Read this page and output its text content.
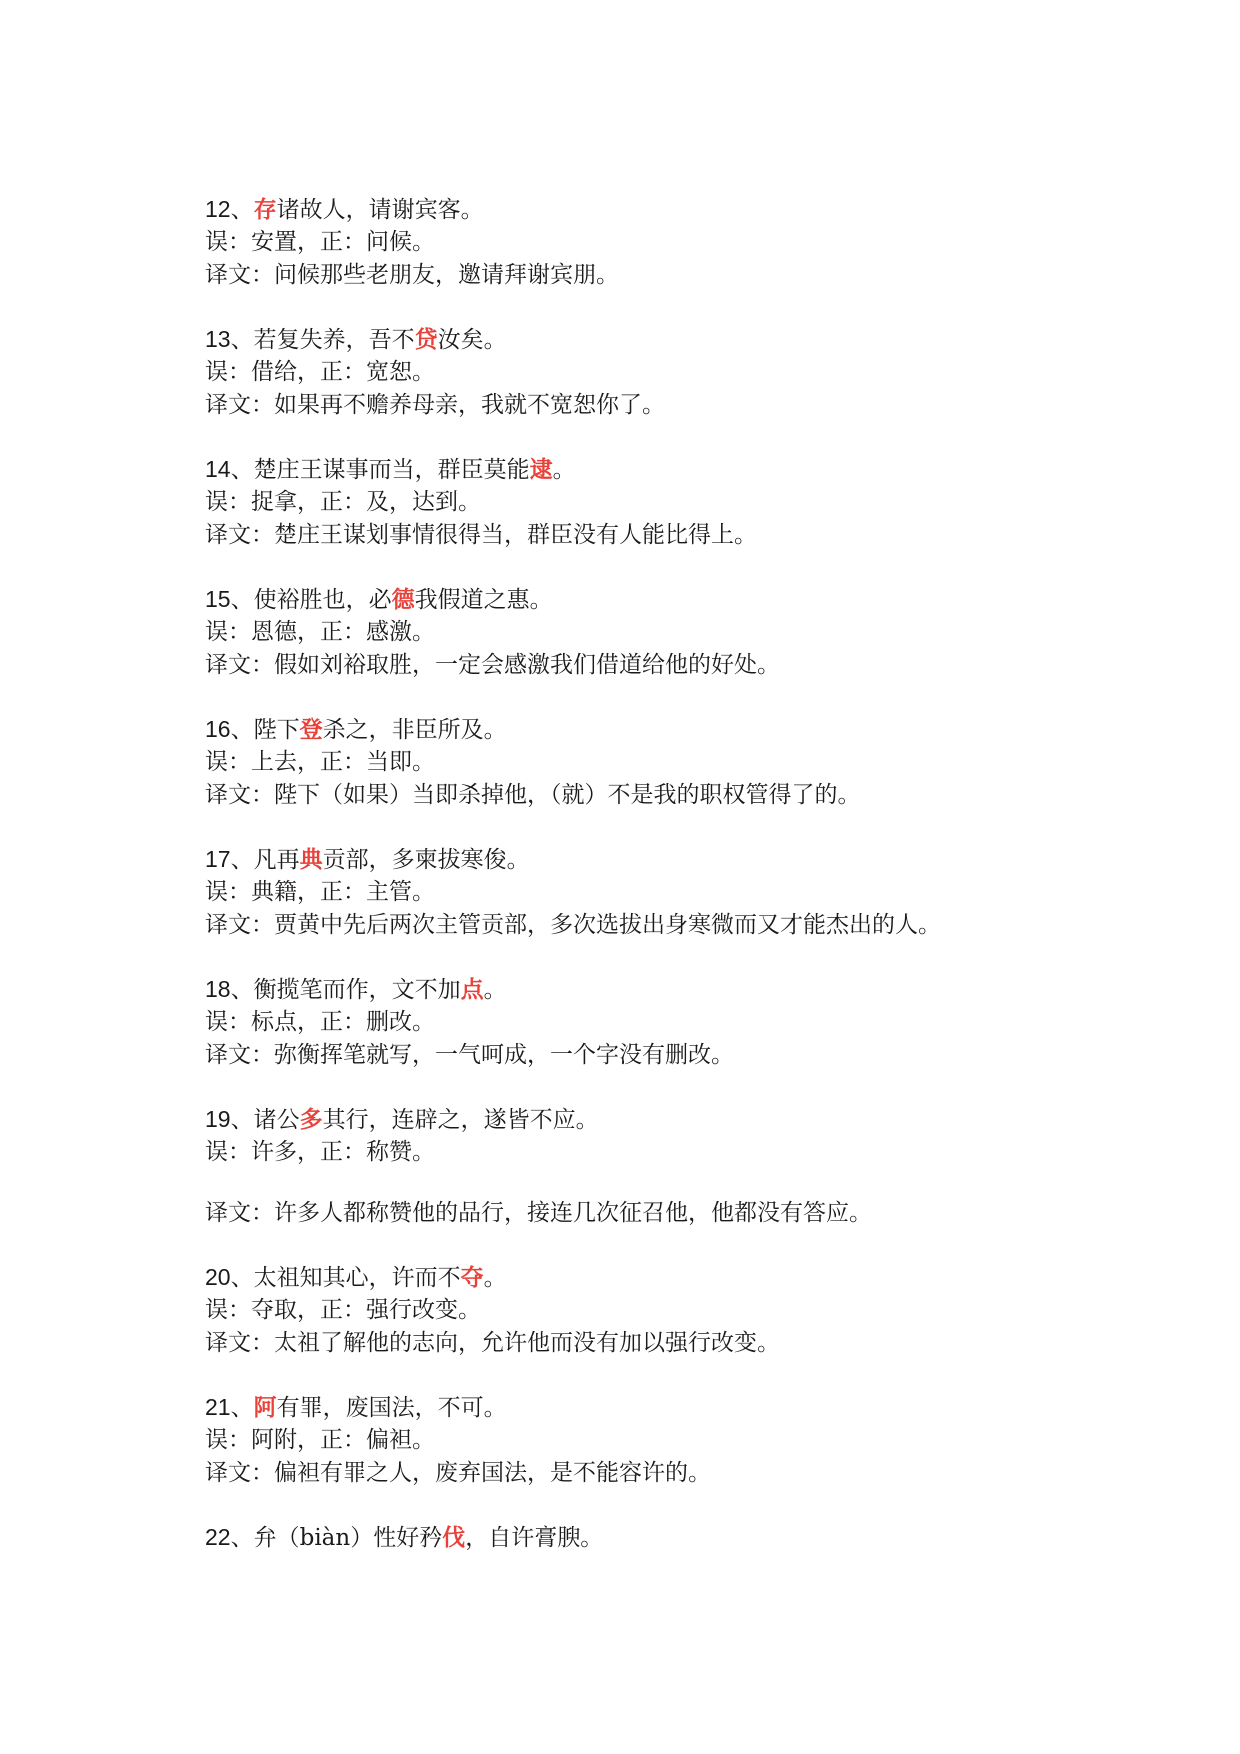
12、存诸故人，请谢宾客。
误：安置，正：问候。
译文：问候那些老朋友，邀请拜谢宾朋。
13、若复失养，吾不贷汝矣。
误：借给，正：宽恕。
译文：如果再不赡养母亲，我就不宽恕你了。
14、楚庄王谋事而当，群臣莫能逮。
误：捉拿，正：及，达到。
译文：楚庄王谋划事情很得当，群臣没有人能比得上。
15、使裕胜也，必德我假道之惠。
误：恩德，正：感激。
译文：假如刘裕取胜，一定会感激我们借道给他的好处。
16、陛下登杀之，非臣所及。
误：上去，正：当即。
译文：陛下（如果）当即杀掉他，（就）不是我的职权管得了的。
17、凡再典贡部，多柬拔寒俊。
误：典籍，正：主管。
译文：贾黄中先后两次主管贡部，多次选拔出身寒微而又才能杰出的人。
18、衡揽笔而作，文不加点。
误：标点，正：删改。
译文：弥衡挥笔就写，一气呵成，一个字没有删改。
19、诸公多其行，连辟之，遂皆不应。
误：许多，正：称赞。
译文：许多人都称赞他的品行，接连几次征召他，他都没有答应。
20、太祖知其心，许而不夺。
误：夺取，正：强行改变。
译文：太祖了解他的志向，允许他而没有加以强行改变。
21、阿有罪，废国法，不可。
误：阿附，正：偏袒。
译文：偏袒有罪之人，废弃国法，是不能容许的。
22、弁（biàn）性好矜伐，自许膏腴。
